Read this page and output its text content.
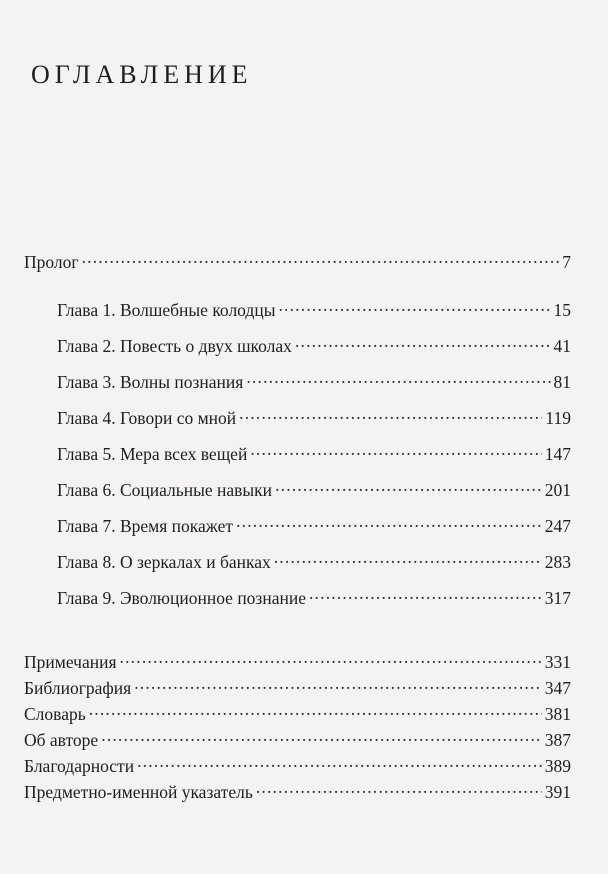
ОГЛАВЛЕНИЕ
Пролог .....	7
Глава 1. Волшебные колодцы .....	15
Глава 2. Повесть о двух школах .....	41
Глава 3. Волны познания .....	81
Глава 4. Говори со мной .....	119
Глава 5. Мера всех вещей .....	147
Глава 6. Социальные навыки .....	201
Глава 7. Время покажет .....	247
Глава 8. О зеркалах и банках .....	283
Глава 9. Эволюционное познание .....	317
Примечания .....	331
Библиография .....	347
Словарь .....	381
Об авторе .....	387
Благодарности .....	389
Предметно-именной указатель .....	391
